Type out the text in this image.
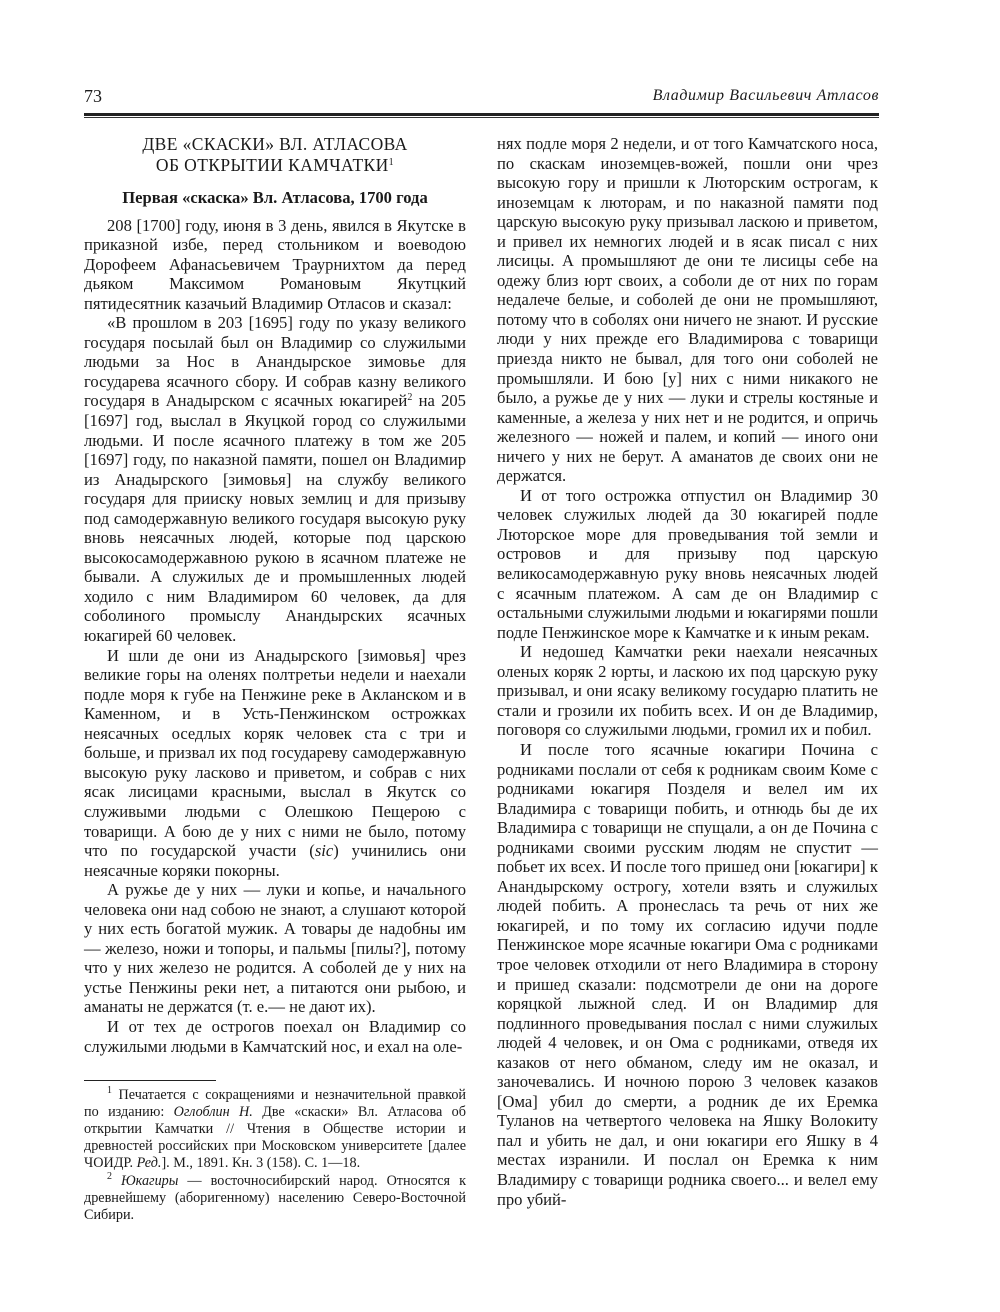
73	Владимир Васильевич Атласов
ДВЕ «СКАСКИ» ВЛ. АТЛАСОВА
ОБ ОТКРЫТИИ КАМЧАТКИ$^1$
Первая «скаска» Вл. Атласова, 1700 года

208 [1700] году, июня в 3 день, явился в Якутске в приказной избе, перед стольником и воеводою Дорофеем Афанасьевичем Траурнихтом да перед дьяком Максимом Романовым Якутцкий пятидесятник казачьий Владимир Отласов и сказал:

«В прошлом в 203 [1695] году по указу великого государя посылай был он Владимир со служилыми людьми за Нос в Анандырское зимовье для государева ясачного сбору. И собрав казну великого государя в Анадырском с ясачных юкагирей$^2$ на 205 [1697] год, выслал в Якуцкой город со служилыми людьми. И после ясачного платежу в том же 205 [1697] году, по наказной памяти, пошел он Владимир из Анадырского [зимовья] на службу великого государя для прииску новых землиц и для призыву под самодержавную великого государя высокую руку вновь неясачных людей, которые под царскою высокосамодержавною рукою в ясачном платеже не бывали. А служилых де и промышленных людей ходило с ним Владимиром 60 человек, да для соболиного промыслу Анандырских ясачных юкагирей 60 человек.

И шли де они из Анадырского [зимовья] чрез великие горы на оленях полтретьи недели и наехали подле моря к губе на Пенжине реке в Акланском и в Каменном, и в Усть-Пенжинском острожках неясачных оседлых коряк человек ста с три и больше, и призвал их под государеву самодержавную высокую руку ласково и приветом, и собрав с них ясак лисицами красными, выслал в Якутск со служивыми людьми с Олешкою Пещерою с товарищи. А бою де у них с ними не было, потому что по государской участи (sic) учинились они неясачные коряки покорны.

А ружье де у них — луки и копье, и начального человека они над собою не знают, а слушают которой у них есть богатой мужик. А товары де надобны им — железо, ножи и топоры, и пальмы [пилы?], потому что у них железо не родится. А соболей де у них на устье Пенжины реки нет, а питаются они рыбою, и аманаты не держатся (т. е.— не дают их).

И от тех де острогов поехал он Владимир со служилыми людьми в Камчатский нос, и ехал на оле-

$^1$ Печатается с сокращениями и незначительной правкой по изданию: Оглоблин Н. Две «скаски» Вл. Атласова об открытии Камчатки // Чтения в Обществе истории и древностей российских при Московском университете [далее ЧОИДР. Ред.]. М., 1891. Кн. 3 (158). С. 1—18.

$^2$ Юкагиры — восточносибирский народ. Относятся к древнейшему (аборигенному) населению Северо-Восточной Сибири.

нях подле моря 2 недели, и от того Камчатского носа, по скаскам иноземцев-вожей, пошли они чрез высокую гору и пришли к Люторским острогам, к иноземцам к люторам, и по наказной памяти под царскую высокую руку призывал ласкою и приветом, и привел их немногих людей и в ясак писал с них лисицы. А промышляют де они те лисицы себе на одежу близ юрт своих, а соболи де от них по горам недалече белые, и соболей де они не промышляют, потому что в соболях они ничего не знают. И русские люди у них прежде его Владимирова с товарищи приезда никто не бывал, для того они соболей не промышляли. И бою [у] них с ними никакого не было, а ружье де у них — луки и стрелы костяные и каменные, а железа у них нет и не родится, и опричь железного — ножей и палем, и копий — иного они ничего у них не берут. А аманатов де своих они не держатся.

И от того острожка отпустил он Владимир 30 человек служилых людей да 30 юкагирей подле Люторское море для проведывания той земли и островов и для призыву под царскую великосамодержавную руку вновь неясачных людей с ясачным платежом. А сам де он Владимир с остальными служилыми людьми и юкагирями пошли подле Пенжинское море к Камчатке и к иным рекам.

И недошед Камчатки реки наехали неясачных оленых коряк 2 юрты, и ласкою их под царскую руку призывал, и они ясаку великому государю платить не стали и грозили их побить всех. И он де Владимир, поговоря со служилыми людьми, громил их и побил.

И после того ясачные юкагири Почина с родниками послали от себя к родникам своим Коме с родниками юкагиря Позделя и велел им их Владимира с товарищи побить, и отнюдь бы де их Владимира с товарищи не спущали, а он де Почина с родниками своими русским людям не спустит — побьет их всех. И после того пришед они [юкагири] к Анандырскому острогу, хотели взять и служилых людей побить. А пронеслась та речь от них же юкагирей, и по тому их согласию идучи подле Пенжинское море ясачные юкагири Ома с родниками трое человек отходили от него Владимира в сторону и пришед сказали: подсмотрели де они на дороге коряцкой лыжной след. И он Владимир для подлинного проведывания послал с ними служилых людей 4 человек, и он Ома с родниками, отведя их казаков от него обманом, следу им не оказал, и заночевались. И ночною порою 3 человек казаков [Ома] убил до смерти, а родник де их Еремка Туланов на четвертого человека на Яшку Волокиту пал и убить не дал, и они юкагири его Яшку в 4 местах изранили. И послал он Еремка к ним Владимиру с товарищи родника своего... и велел ему про убий-
